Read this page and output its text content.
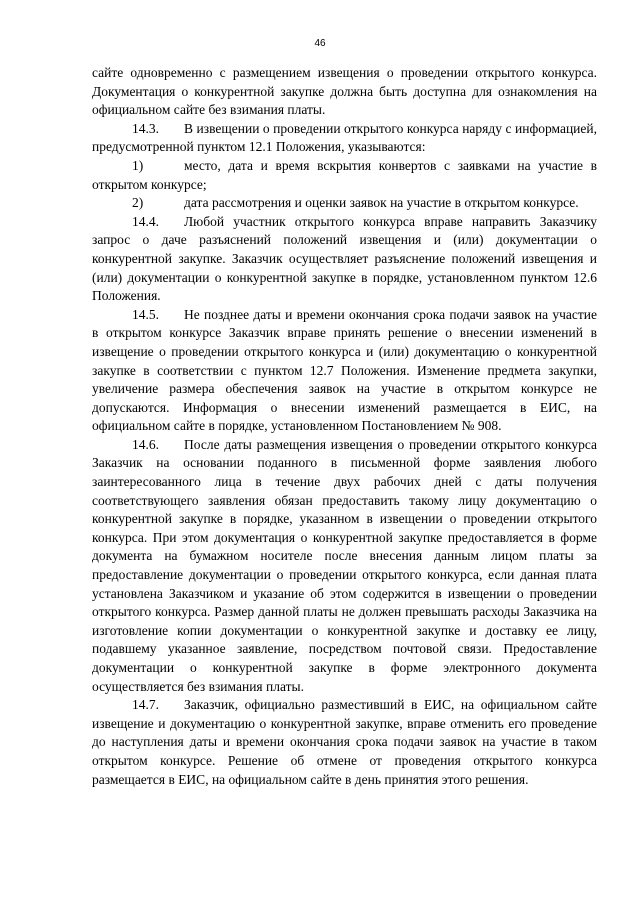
46

сайте одновременно с размещением извещения о проведении открытого конкурса. Документация о конкурентной закупке должна быть доступна для ознакомления на официальном сайте без взимания платы.

14.3. В извещении о проведении открытого конкурса наряду с информацией, предусмотренной пунктом 12.1 Положения, указываются:

1)	место, дата и время вскрытия конвертов с заявками на участие в открытом конкурсе;

2)	дата рассмотрения и оценки заявок на участие в открытом конкурсе.

14.4. Любой участник открытого конкурса вправе направить Заказчику запрос о даче разъяснений положений извещения и (или) документации о конкурентной закупке. Заказчик осуществляет разъяснение положений извещения и (или) документации о конкурентной закупке в порядке, установленном пунктом 12.6 Положения.

14.5. Не позднее даты и времени окончания срока подачи заявок на участие в открытом конкурсе Заказчик вправе принять решение о внесении изменений в извещение о проведении открытого конкурса и (или) документацию о конкурентной закупке в соответствии с пунктом 12.7 Положения. Изменение предмета закупки, увеличение размера обеспечения заявок на участие в открытом конкурсе не допускаются. Информация о внесении изменений размещается в ЕИС, на официальном сайте в порядке, установленном Постановлением № 908.

14.6. После даты размещения извещения о проведении открытого конкурса Заказчик на основании поданного в письменной форме заявления любого заинтересованного лица в течение двух рабочих дней с даты получения соответствующего заявления обязан предоставить такому лицу документацию о конкурентной закупке в порядке, указанном в извещении о проведении открытого конкурса. При этом документация о конкурентной закупке предоставляется в форме документа на бумажном носителе после внесения данным лицом платы за предоставление документации о проведении открытого конкурса, если данная плата установлена Заказчиком и указание об этом содержится в извещении о проведении открытого конкурса. Размер данной платы не должен превышать расходы Заказчика на изготовление копии документации о конкурентной закупке и доставку ее лицу, подавшему указанное заявление, посредством почтовой связи. Предоставление документации о конкурентной закупке в форме электронного документа осуществляется без взимания платы.

14.7. Заказчик, официально разместивший в ЕИС, на официальном сайте извещение и документацию о конкурентной закупке, вправе отменить его проведение до наступления даты и времени окончания срока подачи заявок на участие в таком открытом конкурсе. Решение об отмене от проведения открытого конкурса размещается в ЕИС, на официальном сайте в день принятия этого решения.
